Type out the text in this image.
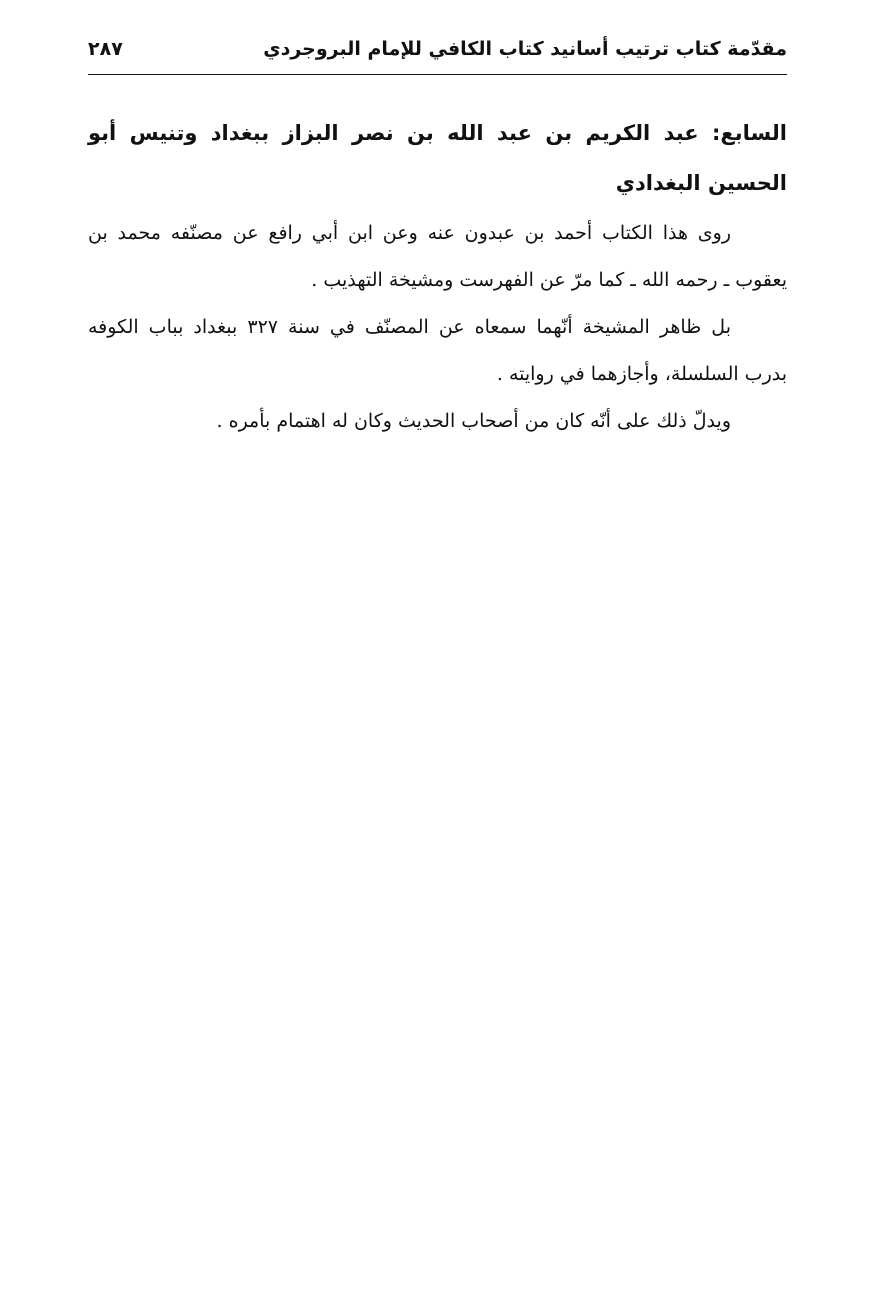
مقدّمة كتاب ترتيب أسانيد كتاب الكافي للإمام البروجردي
٢٨٧

السابع: عبد الكريم بن عبد الله بن نصر البزاز ببغداد وتنيس أبو الحسين البغدادي

روى هذا الكتاب أحمد بن عبدون عنه وعن ابن أبي رافع عن مصنّفه محمد بن يعقوب ـ رحمه الله ـ كما مرّ عن الفهرست ومشيخة التهذيب .

بل ظاهر المشيخة أنّهما سمعاه عن المصنّف في سنة ٣٢٧ ببغداد بباب الكوفه بدرب السلسلة، وأجازهما في روايته .

ويدلّ ذلك على أنّه كان من أصحاب الحديث وكان له اهتمام بأمره .
